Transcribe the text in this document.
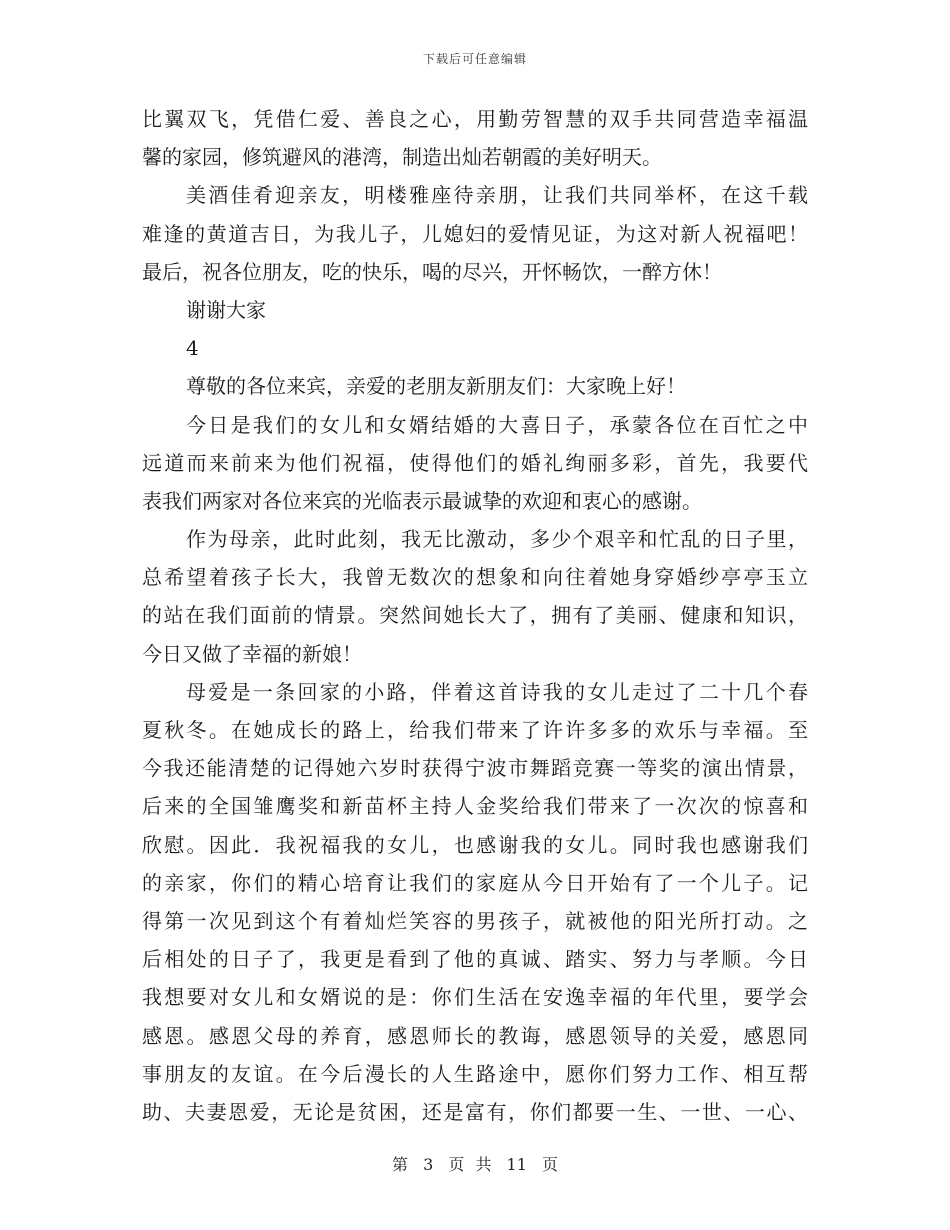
下载后可任意编辑
比翼双飞，凭借仁爱、善良之心，用勤劳智慧的双手共同营造幸福温
馨的家园，修筑避风的港湾，制造出灿若朝霞的美好明天。
美酒佳肴迎亲友，明楼雅座待亲朋，让我们共同举杯，在这千载
难逢的黄道吉日，为我儿子，儿媳妇的爱情见证，为这对新人祝福吧！
最后，祝各位朋友，吃的快乐，喝的尽兴，开怀畅饮，一醉方休！
谢谢大家
4
尊敬的各位来宾，亲爱的老朋友新朋友们：大家晚上好！
今日是我们的女儿和女婿结婚的大喜日子，承蒙各位在百忙之中
远道而来前来为他们祝福，使得他们的婚礼绚丽多彩，首先，我要代
表我们两家对各位来宾的光临表示最诚挚的欢迎和衷心的感谢。
作为母亲，此时此刻，我无比激动，多少个艰辛和忙乱的日子里，
总希望着孩子长大，我曾无数次的想象和向往着她身穿婚纱亭亭玉立
的站在我们面前的情景。突然间她长大了，拥有了美丽、健康和知识，
今日又做了幸福的新娘！
母爱是一条回家的小路，伴着这首诗我的女儿走过了二十几个春
夏秋冬。在她成长的路上，给我们带来了许许多多的欢乐与幸福。至
今我还能清楚的记得她六岁时获得宁波市舞蹈竞赛一等奖的演出情景，
后来的全国雏鹰奖和新苗杯主持人金奖给我们带来了一次次的惊喜和
欣慰。因此．我祝福我的女儿，也感谢我的女儿。同时我也感谢我们
的亲家，你们的精心培育让我们的家庭从今日开始有了一个儿子。记
得第一次见到这个有着灿烂笑容的男孩子，就被他的阳光所打动。之
后相处的日子了，我更是看到了他的真诚、踏实、努力与孝顺。今日
我想要对女儿和女婿说的是：你们生活在安逸幸福的年代里，要学会
感恩。感恩父母的养育，感恩师长的教诲，感恩领导的关爱，感恩同
事朋友的友谊。在今后漫长的人生路途中，愿你们努力工作、相互帮
助、夫妻恩爱，无论是贫困，还是富有，你们都要一生、一世、一心、
第 3 页 共 11 页
